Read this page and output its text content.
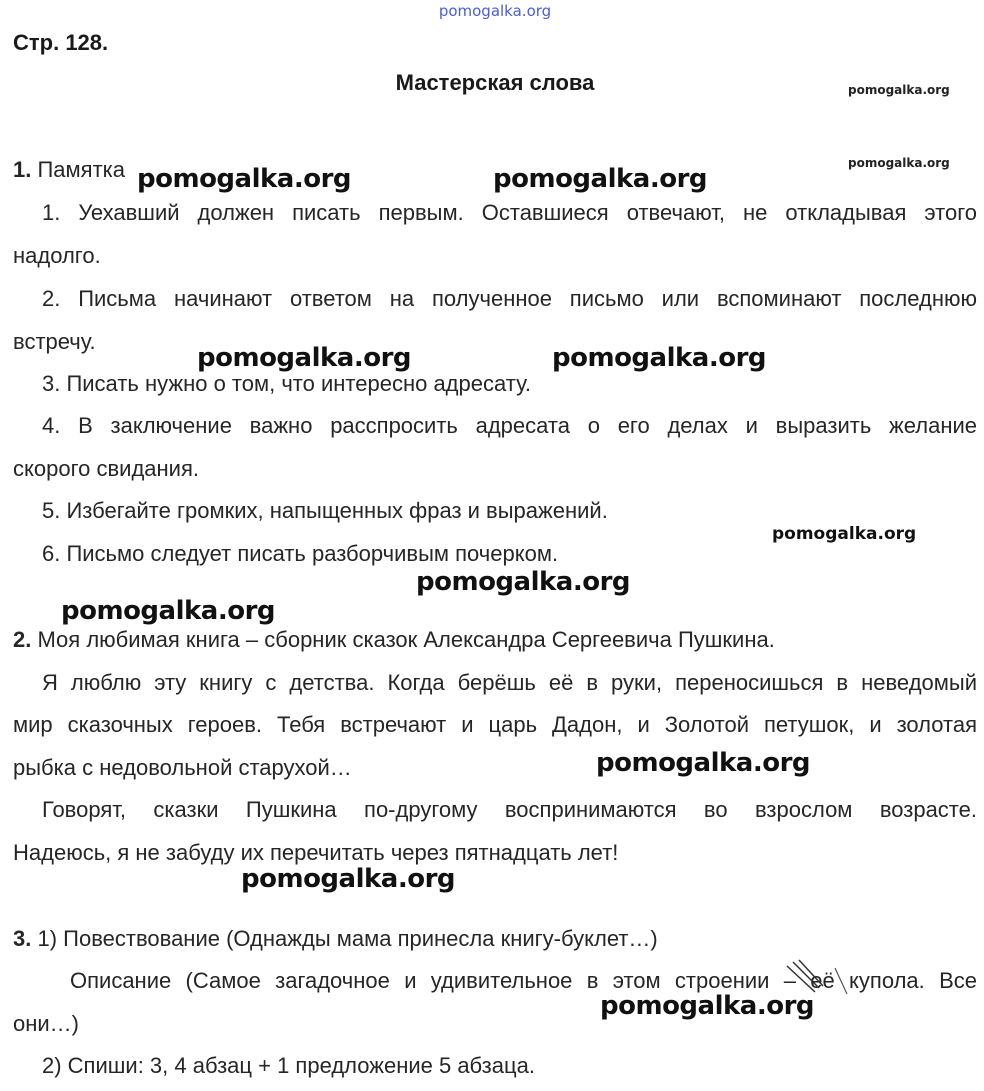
pomogalka.org
Стр. 128.
Мастерская слова
1. Памятка
1. Уехавший должен писать первым. Оставшиеся отвечают, не откладывая этого
надолго.
2. Письма начинают ответом на полученное письмо или вспоминают последнюю
встречу.
3. Писать нужно о том, что интересно адресату.
4. В заключение важно расспросить адресата о его делах и выразить желание
скорого свидания.
5. Избегайте громких, напыщенных фраз и выражений.
6. Письмо следует писать разборчивым почерком.
2. Моя любимая книга – сборник сказок Александра Сергеевича Пушкина.
Я люблю эту книгу с детства. Когда берёшь её в руки, переносишься в неведомый
мир сказочных героев. Тебя встречают и царь Дадон, и Золотой петушок, и золотая
рыбка с недовольной старухой…
Говорят, сказки Пушкина по-другому воспринимаются во взрослом возрасте.
Надеюсь, я не забуду их перечитать через пятнадцать лет!
3. 1) Повествование (Однажды мама принесла книгу-буклет…)
Описание (Самое загадочное и удивительное в этом строении – её купола. Все
они…)
2) Спиши: 3, 4 абзац + 1 предложение 5 абзаца.
pomogalka.org
pomogalka.org
pomogalka.org
pomogalka.org	pomogalka.org
pomogalka.org	pomogalka.org
pomogalka.org
pomogalka.org
pomogalka.org
pomogalka.org
pomogalka.org
